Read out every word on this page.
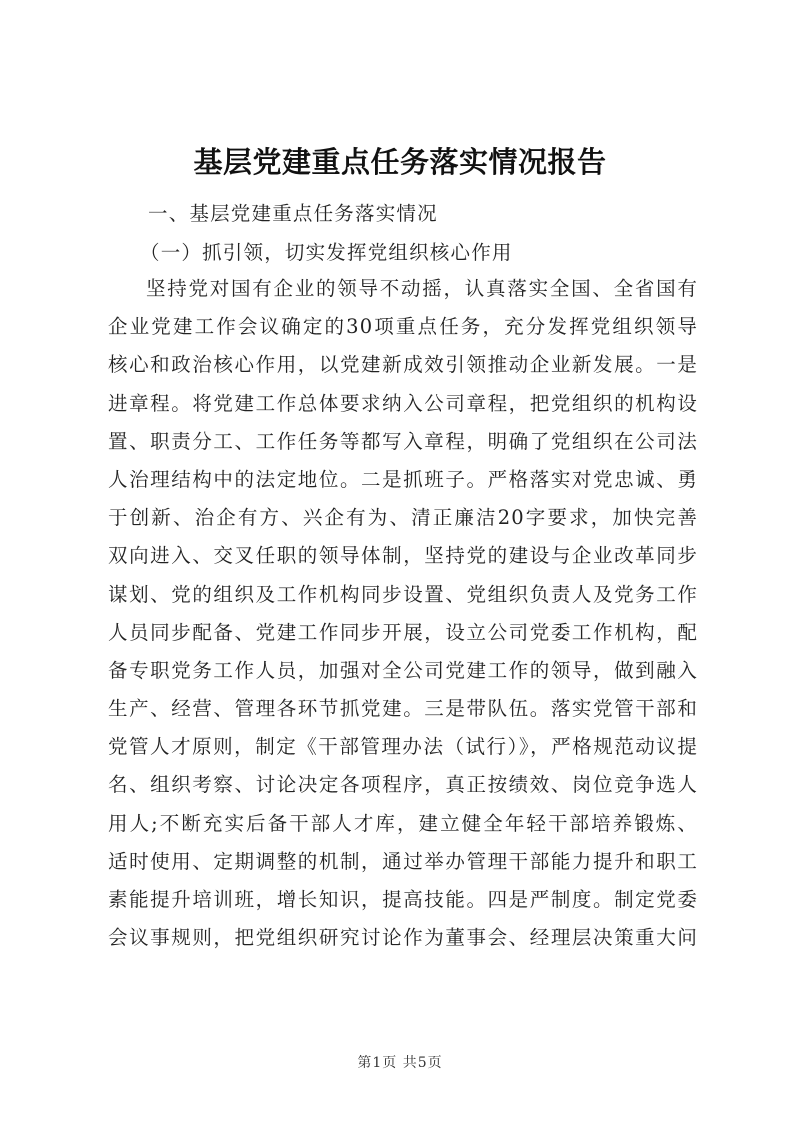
基层党建重点任务落实情况报告
一、基层党建重点任务落实情况
（一）抓引领，切实发挥党组织核心作用
坚持党对国有企业的领导不动摇，认真落实全国、全省国有
企业党建工作会议确定的30项重点任务，充分发挥党组织领导
核心和政治核心作用，以党建新成效引领推动企业新发展。一是
进章程。将党建工作总体要求纳入公司章程，把党组织的机构设
置、职责分工、工作任务等都写入章程，明确了党组织在公司法
人治理结构中的法定地位。二是抓班子。严格落实对党忠诚、勇
于创新、治企有方、兴企有为、清正廉洁20字要求，加快完善
双向进入、交叉任职的领导体制，坚持党的建设与企业改革同步
谋划、党的组织及工作机构同步设置、党组织负责人及党务工作
人员同步配备、党建工作同步开展，设立公司党委工作机构，配
备专职党务工作人员，加强对全公司党建工作的领导，做到融入
生产、经营、管理各环节抓党建。三是带队伍。落实党管干部和
党管人才原则，制定《干部管理办法（试行）》，严格规范动议提
名、组织考察、讨论决定各项程序，真正按绩效、岗位竞争选人
用人;不断充实后备干部人才库，建立健全年轻干部培养锻炼、
适时使用、定期调整的机制，通过举办管理干部能力提升和职工
素能提升培训班，增长知识，提高技能。四是严制度。制定党委
会议事规则，把党组织研究讨论作为董事会、经理层决策重大问
第1页 共5页
